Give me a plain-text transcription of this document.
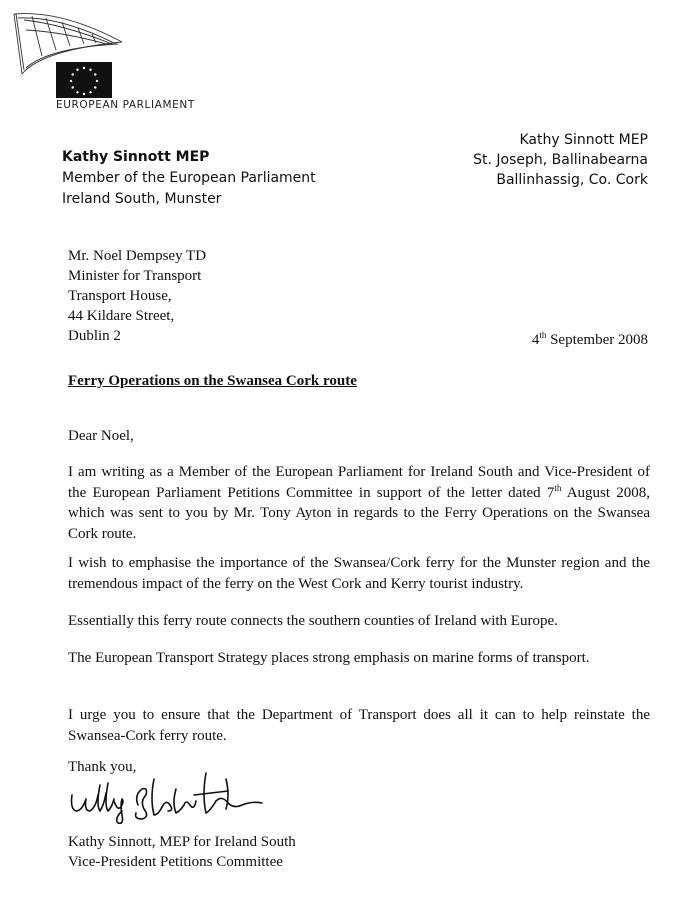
EUROPEAN PARLIAMENT
Kathy Sinnott MEP
Member of the European Parliament
Ireland South, Munster
Kathy Sinnott MEP
St. Joseph, Ballinabearna
Ballinhassig, Co. Cork
Mr. Noel Dempsey TD
Minister for Transport
Transport House,
44 Kildare Street,
Dublin 2	4th September 2008
Ferry Operations on the Swansea Cork route
Dear Noel,
I am writing as a Member of the European Parliament for Ireland South and Vice-President of the European Parliament Petitions Committee in support of the letter dated 7th August 2008, which was sent to you by Mr. Tony Ayton in regards to the Ferry Operations on the Swansea Cork route.
I wish to emphasise the importance of the Swansea/Cork ferry for the Munster region and the tremendous impact of the ferry on the West Cork and Kerry tourist industry.
Essentially this ferry route connects the southern counties of Ireland with Europe.
The European Transport Strategy places strong emphasis on marine forms of transport.
I urge you to ensure that the Department of Transport does all it can to help reinstate the Swansea-Cork ferry route.
Thank you,
Kathy Sinnott, MEP for Ireland South
Vice-President Petitions Committee
